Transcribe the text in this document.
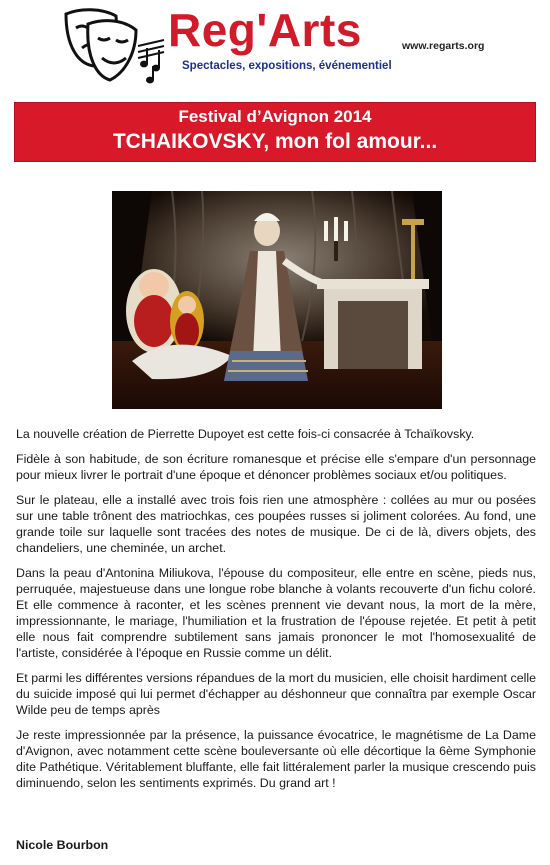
Reg'Arts	www.regarts.org
Spectacles, expositions, événementiel
Festival d’Avignon 2014
TCHAIKOVSKY, mon fol amour...

La nouvelle création de Pierrette Dupoyet est cette fois-ci consacrée à Tchaïkovsky.

Fidèle à son habitude, de son écriture romanesque et précise elle s'empare d'un personnage pour mieux livrer le portrait d'une époque et dénoncer problèmes sociaux et/ou politiques.

Sur le plateau, elle a installé avec trois fois rien une atmosphère : collées au mur ou posées sur une table trônent des matriochkas, ces poupées russes si joliment colorées. Au fond, une grande toile sur laquelle sont tracées des notes de musique. De ci de là, divers objets, des chandeliers, une cheminée, un archet.

Dans la peau d'Antonina Miliukova, l'épouse du compositeur, elle entre en scène, pieds nus, perruquée, majestueuse dans une longue robe blanche à volants recouverte d'un fichu coloré. Et elle commence à raconter, et les scènes prennent vie devant nous, la mort de la mère, impressionnante, le mariage, l'humiliation et la frustration de l'épouse rejetée. Et petit à petit elle nous fait comprendre subtilement sans jamais prononcer le mot l'homosexualité de l'artiste, considérée à l'époque en Russie comme un délit.

Et parmi les différentes versions répandues de la mort du musicien, elle choisit hardiment celle du suicide imposé qui lui permet d'échapper au déshonneur que connaîtra par exemple Oscar Wilde peu de temps après

Je reste impressionnée par la présence, la puissance évocatrice, le magnétisme de La Dame d'Avignon, avec notamment cette scène bouleversante où elle décortique la 6ème Symphonie dite Pathétique. Véritablement bluffante, elle fait littéralement parler la musique crescendo puis diminuendo, selon les sentiments exprimés. Du grand art !

Nicole Bourbon
